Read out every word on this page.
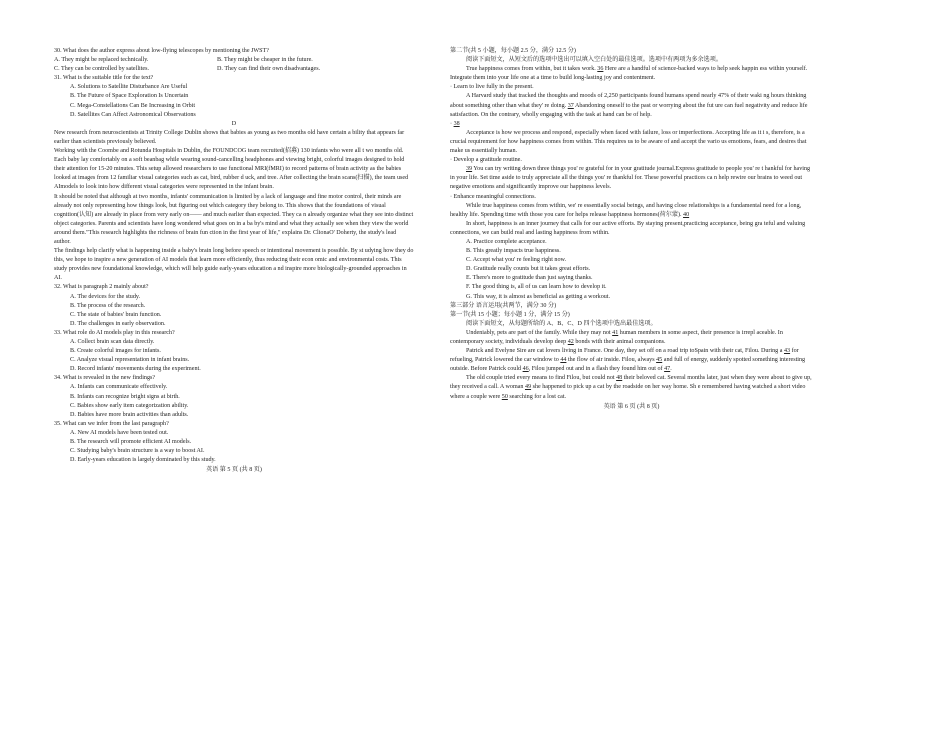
30. What does the author express about low-flying telescopes by mentioning the JWST?

A. They might be replaced technically.	B. They might be cheaper in the future.

C. They can be controlled by satellites.	D. They can find their own disadvantages.

31. What is the suitable title for the text?

A. Solutions to Satellite Disturbance Are Useful

B. The Future of Space Exploration Is Uncertain

C. Mega-Constellations Can Be Increasing in Orbit

D. Satellites Can Affect Astronomical Observations

D

New research from neuroscientists at Trinity College Dublin shows that babies as young as two months old have certain a bility that appears far earlier than scientists previously believed.

Working with the Coombe and Rotunda Hospitals in Dublin, the FOUNDCOG team recruited(招募) 130 infants who were all t wo months old. Each baby lay comfortably on a soft beanbag while wearing sound-cancelling headphones and viewing bright, colorful images designed to hold their attention for 15-20 minutes. This setup allowed researchers to use functional MRI(fMRI) to record patterns of brain activity as the babies looked at images from 12 familiar visual categories such as cat, bird, rubber d uck, and tree. After collecting the brain scans(扫描), the team used AImodels to look into how different visual categories were represented in the infant brain.

It should be noted that although at two months, infants' communication is limited by a lack of language and fine motor control, their minds are already not only representing how things look, but figuring out which category they belong to. This shows that the foundations of visual cognition(认知) are already in place from very early on—— and much earlier than expected. They ca n already organize what they see into distinct object categories. Parents and scientists have long wondered what goes on in a ba by's mind and what they actually see when they view the world around them."This research highlights the richness of brain fun ction in the first year of life," explains Dr. ClionaO' Doherty, the study's lead author.

The findings help clarify what is happening inside a baby's brain long before speech or intentional movement is possible. By st udying how they do this, we hope to inspire a new generation of AI models that learn more efficiently, thus reducing their econ omic and environmental costs. This study provides new foundational knowledge, which will help guide early-years education a nd inspire more biologically-grounded approaches in AI.

32. What is paragraph 2 mainly about?

A. The devices for the study.

B. The process of the research.

C. The state of babies' brain function.

D. The challenges in early observation.

33. What role do AI models play in this research?

A. Collect brain scan data directly.

B. Create colorful images for infants.

C. Analyze visual representation in infant brains.

D. Record infants' movements during the experiment.

34. What is revealed in the new findings?

A. Infants can communicate effectively.

B. Infants can recognize bright signs at birth.

C. Babies show early item categorization ability.

D. Babies have more brain activities than adults.

35. What can we infer from the last paragraph?

A. New AI models have been tested out.

B. The research will promote efficient AI models.

C. Studying baby's brain structure is a way to boost AI.

D. Early-years education is largely dominated by this study.

英语 第 5 页 (共 8 页)

第二节(共 5 小题，每小题 2.5 分，满分 12.5 分)

阅读下面短文，从短文后的选项中选出可以填入空白处的最佳选项。选项中有两项为多余选项。

True happiness comes from within, but it takes work. 36 Here are a handful of science-backed ways to help seek happin ess within yourself. Integrate them into your life one at a time to build long-lasting joy and contentment.

· Learn to live fully in the present.

A Harvard study that tracked the thoughts and moods of 2,250 participants found humans spend nearly 47% of their waki ng hours thinking about something other than what they' re doing. 37 Abandoning oneself to the past or worrying about the fut ure can fuel negativity and reduce life satisfaction. On the contrary, wholly engaging with the task at hand can be of help.

· 38

Acceptance is how we process and respond, especially when faced with failure, loss or imperfections. Accepting life as it i s, therefore, is a crucial requirement for how happiness comes from within. This requires us to be aware of and accept the vario us emotions, fears, and desires that make us essentially human.

· Develop a gratitude routine.

39 You can try writing down three things you' re grateful for in your gratitude journal.Express gratitude to people you' re t hankful for having in your life. Set time aside to truly appreciate all the things you' re thankful for. These powerful practices ca n help rewire our brains to weed out negative emotions and significantly improve our happiness levels.

· Enhance meaningful connections.

While true happiness comes from within, we' re essentially social beings, and having close relationships is a fundamental need for a long, healthy life. Spending time with those you care for helps release happiness hormones(荷尔蒙). 40

In short, happiness is an inner journey that calls for our active efforts. By staying present,practicing acceptance, being gra teful and valuing connections, we can build real and lasting happiness from within.

A. Practice complete acceptance.

B. This greatly impacts true happiness.

C. Accept what you' re feeling right now.

D. Gratitude really counts but it takes great efforts.

E. There's more to gratitude than just saying thanks.

F. The good thing is, all of us can learn how to develop it.

G. This way, it is almost as beneficial as getting a workout.

第三部分 语言运用(共两节，满分 30 分)

第一节(共 15 小题；每小题 1 分，满分 15 分)

阅读下面短文，从每题所给的 A、B、C、D 四个选项中选出最佳选项。

Undeniably, pets are part of the family. While they may not 41 human members in some aspect, their presence is irrepl aceable. In contemporary society, individuals develop deep 42 bonds with their animal companions.

Patrick and Evelyne Sire are cat lovers living in France. One day, they set off on a road trip toSpain with their cat, Filou. During a 43 for refueling, Patrick lowered the car window to 44 the flow of air inside. Filou, always 45 and full of energy, suddenly spotted something interesting outside. Before Patrick could 46, Filou jumped out and in a flash they found him out of 47.

The old couple tried every means to find Filou, but could not 48 their beloved cat. Several months later, just when they were about to give up, they received a call. A woman 49 she happened to pick up a cat by the roadside on her way home. Sh e remembered having watched a short video where a couple were 50 searching for a lost cat.

英语 第 6 页 (共 8 页)
